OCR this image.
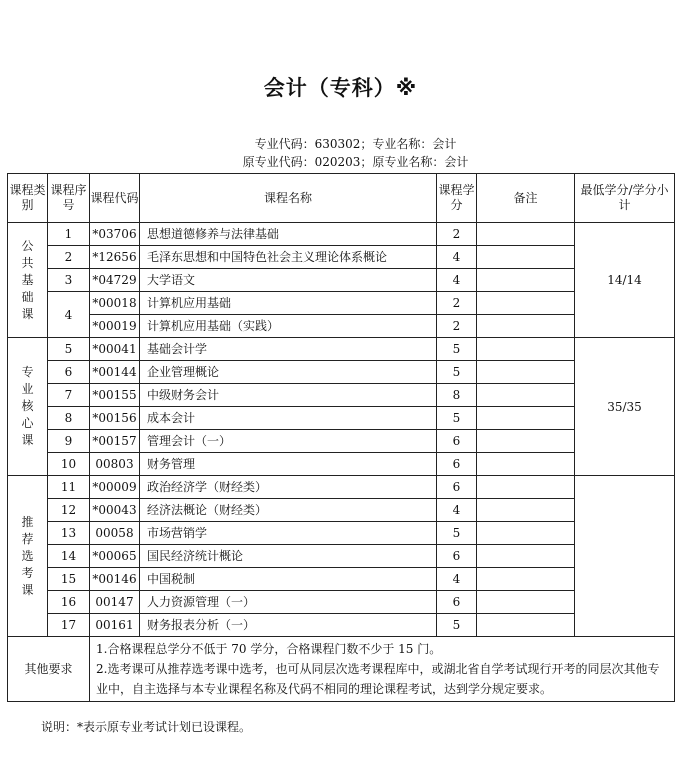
会计（专科）※
专业代码：630302；专业名称：会计
原专业代码：020203；原专业名称：会计
课程类别	课程序号	课程代码	课程名称	课程学分	备注	最低学分/学分小计

公
共
基
础
课	1	*03706	思想道德修养与法律基础	2		14/14
	2	*12656	毛泽东思想和中国特色社会主义理论体系概论	4		
	3	*04729	大学语文	4		
	4	*00018	计算机应用基础	2		
		*00019	计算机应用基础（实践）	2		

专
业
核
心
课	5	*00041	基础会计学	5		35/35
	6	*00144	企业管理概论	5		
	7	*00155	中级财务会计	8		
	8	*00156	成本会计	5		
	9	*00157	管理会计（一）	6		
	10	00803	财务管理	6		

推
荐
选
考
课	11	*00009	政治经济学（财经类）	6		
	12	*00043	经济法概论（财经类）	4		
	13	00058	市场营销学	5		
	14	*00065	国民经济统计概论	6		
	15	*00146	中国税制	4		
	16	00147	人力资源管理（一）	6		
	17	00161	财务报表分析（一）	5		
其他要求		1.合格课程总学分不低于 70 学分，合格课程门数不少于 15 门。
2.选考课可从推荐选考课中选考，也可从同层次选考课程库中，或湖北省自学考试现行开考的同层次其他专业中，自主选择与本专业课程名称及代码不相同的理论课程考试，达到学分规定要求。				
说明：*表示原专业考试计划已设课程。
